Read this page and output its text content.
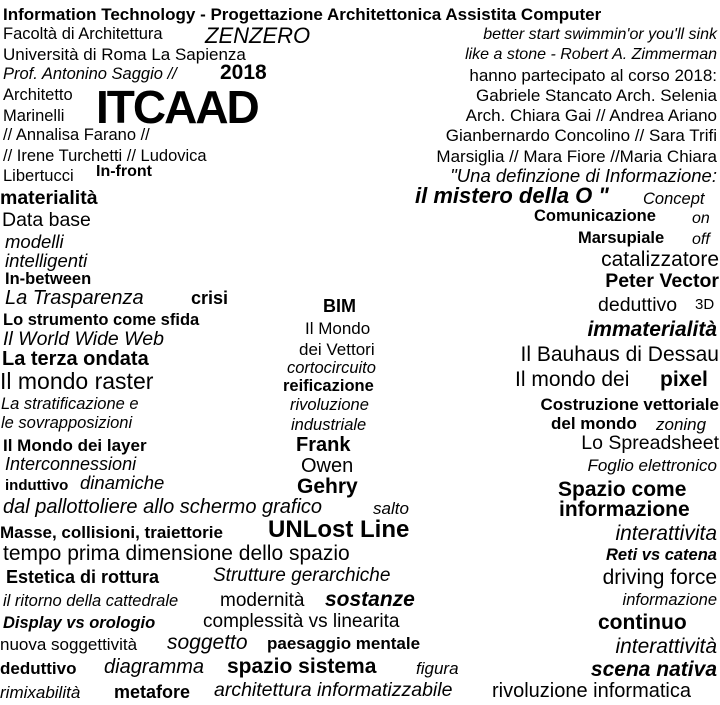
Information Technology - Progettazione Architettonica Assistita Computer
Facoltà di Architettura ZENZERO
Università di Roma La Sapienza
Prof. Antonino Saggio // 2018
ITCAAD
Architetto
Marinelli
// Annalisa Farano //
// Irene Turchetti // Ludovica
Libertucci In-front
better start swimmin'or you'll sink
like a stone - Robert A. Zimmerman
hanno partecipato al corso 2018:
Gabriele Stancato Arch. Selenia
Arch. Chiara Gai // Andrea Ariano
Gianbernardo Concolino // Sara Trifi
Marsiglia // Mara Fiore //Maria Chiara
"Una definzione di Informazione:
il mistero della O " Concept
materialità
Data base
modelli
intelligenti
In-between
La Trasparenza	crisi
Lo strumento come sfida
Il World Wide Web
La terza ondata
Il mondo raster
La stratificazione e
le sovrapposizioni
Il Mondo dei layer
Interconnessioni
induttivo dinamiche
BIM
Il Mondo
dei Vettori
cortocircuito
reificazione
rivoluzione
industriale
Frank
Owen
Gehry
Comunicazione on
Marsupiale off
catalizzatore
Peter Vector
deduttivo 3D
immaterialità
Il Bauhaus di Dessau
Il mondo dei pixel
Costruzione vettoriale
del mondo zoning
Lo Spreadsheet
Foglio elettronico
Spazio come
informazione
interattivita
Reti vs catena
driving force
informazione
continuo
interattività
scena nativa
dal pallottoliere allo schermo grafico	salto
Masse, collisioni, traiettorie UNLost Line
tempo prima dimensione dello spazio
Estetica di rottura	Strutture gerarchiche
il ritorno della cattedrale modernità sostanze
Display vs orologio	complessità vs linearita
nuova soggettività soggetto paesaggio mentale
deduttivo diagramma spazio sistema figura
rimixabilità metafore architettura informatizzabile rivoluzione informatica
